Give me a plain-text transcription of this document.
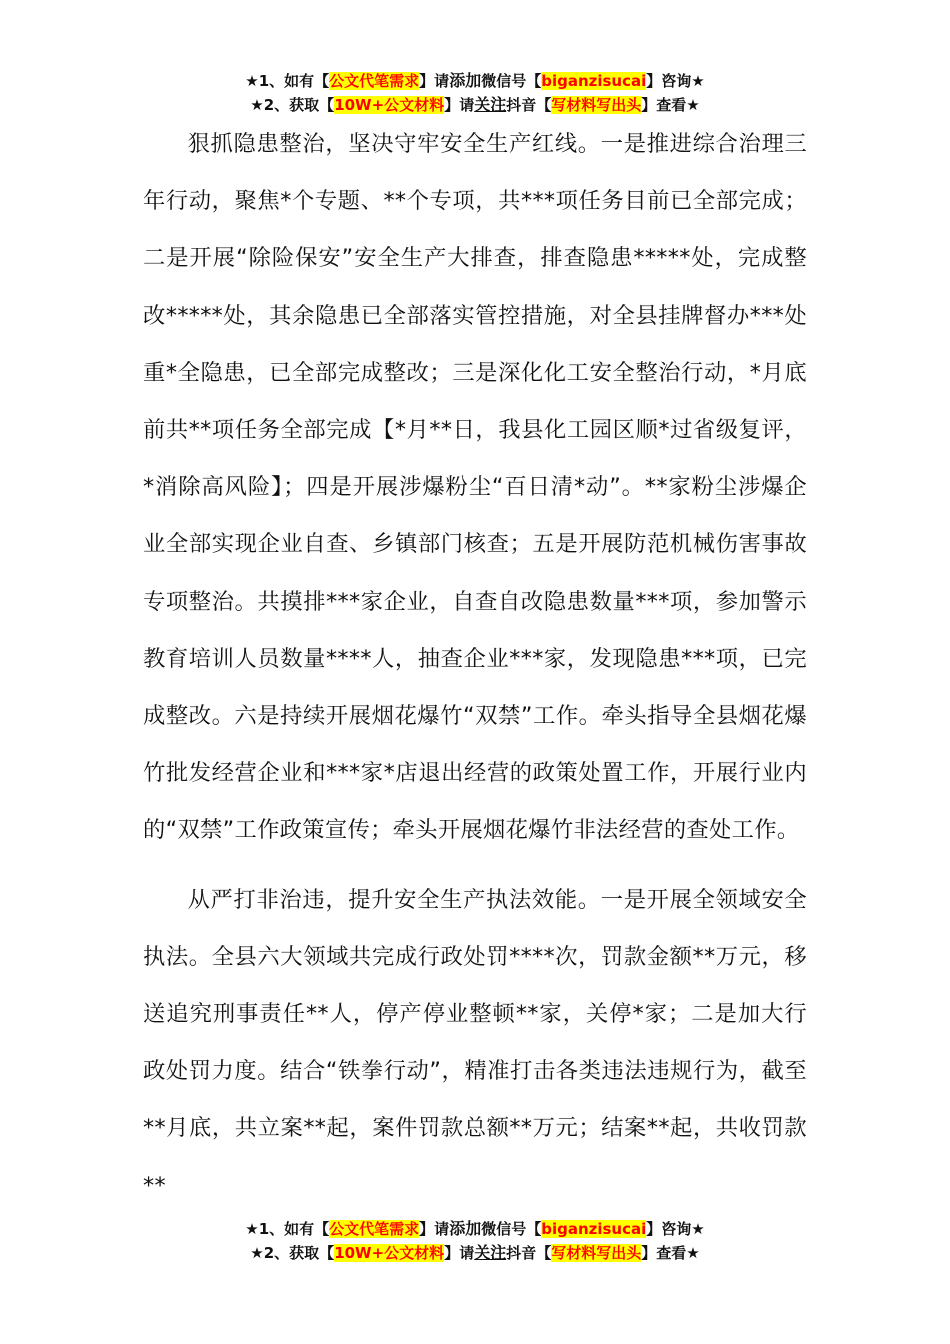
★1、如有【公文代笔需求】请添加微信号【biganzisucai】咨询★
★2、获取【10W+公文材料】请关注抖音【写材料写出头】查看★

狠抓隐患整治，坚决守牢安全生产红线。一是推进综合治理三年行动，聚焦*个专题、**个专项，共***项任务目前已全部完成；二是开展“除险保安”安全生产大排查，排查隐患*****处，完成整改*****处，其余隐患已全部落实管控措施，对全县挂牌督办***处重*全隐患，已全部完成整改；三是深化化工安全整治行动，*月底前共**项任务全部完成【*月**日，我县化工园区顺*过省级复评，*消除高风险】；四是开展涉爆粉尘“百日清*动”。**家粉尘涉爆企业全部实现企业自查、乡镇部门核查；五是开展防范机械伤害事故专项整治。共摸排***家企业，自查自改隐患数量***项，参加警示教育培训人员数量****人，抽查企业***家，发现隐患***项，已完成整改。六是持续开展烟花爆竹“双禁”工作。牵头指导全县烟花爆竹批发经营企业和***家*店退出经营的政策处置工作，开展行业内的“双禁”工作政策宣传；牵头开展烟花爆竹非法经营的查处工作。

从严打非治违，提升安全生产执法效能。一是开展全领域安全执法。全县六大领域共完成行政处罚****次，罚款金额**万元，移送追究刑事责任**人，停产停业整顿**家，关停*家；二是加大行政处罚力度。结合“铁拳行动”，精准打击各类违法违规行为，截至**月底，共立案**起，案件罚款总额**万元；结案**起，共收罚款**

★1、如有【公文代笔需求】请添加微信号【biganzisucai】咨询★
★2、获取【10W+公文材料】请关注抖音【写材料写出头】查看★
